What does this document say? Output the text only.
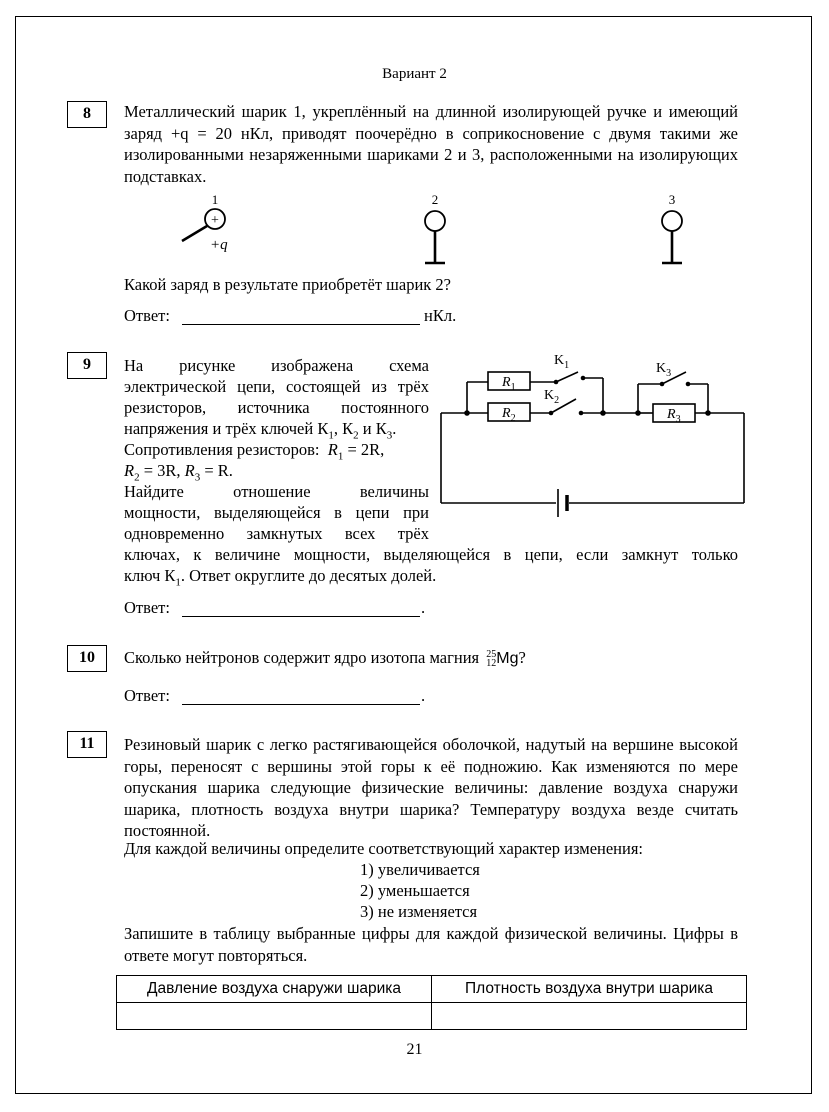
Вариант 2
8	Металлический шарик 1, укреплённый на длинной изолирующей ручке и имеющий заряд +q = 20 нКл, приводят поочерёдно в соприкосновение с двумя такими же изолированными незаряженными шариками 2 и 3, расположенными на изолирующих подставках.
1
+
+q
2	3
Какой заряд в результате приобретёт шарик 2?
Ответ:	нКл.
9	На рисунке изображена схема
электрической цепи, состоящей из трёх
резисторов, источника постоянного
напряжения и трёх ключей $К_1$, $К_2$ и $К_3$.
Сопротивления резисторов: $R_1 = 2R$,
$R_2 = 3R$, $R_3 = R$.
Найдите отношение величины
мощности, выделяющейся в цепи при
одновременно замкнутых всех трёх
ключах, к величине мощности, выделяющейся в цепи, если замкнут только
ключ $К_1$. Ответ округлите до десятых долей.
$R_1$
$R_2$	$R_3$
$K_1$
$K_2$
$K_3$
Ответ:	.
10	Сколько нейтронов содержит ядро изотопа магния 25
12 Mg?
Ответ:	.
11	Резиновый шарик с легко растягивающейся оболочкой, надутый на вершине высокой горы, переносят с вершины этой горы к её подножию. Как изменяются по мере опускания шарика следующие физические величины: давление воздуха снаружи шарика, плотность воздуха внутри шарика? Температуру воздуха везде считать постоянной.
Для каждой величины определите соответствующий характер изменения:
1) увеличивается
2) уменьшается
3) не изменяется
Запишите в таблицу выбранные цифры для каждой физической величины. Цифры в ответе могут повторяться.
Давление воздуха снаружи шарика	Плотность воздуха внутри шарика

21
